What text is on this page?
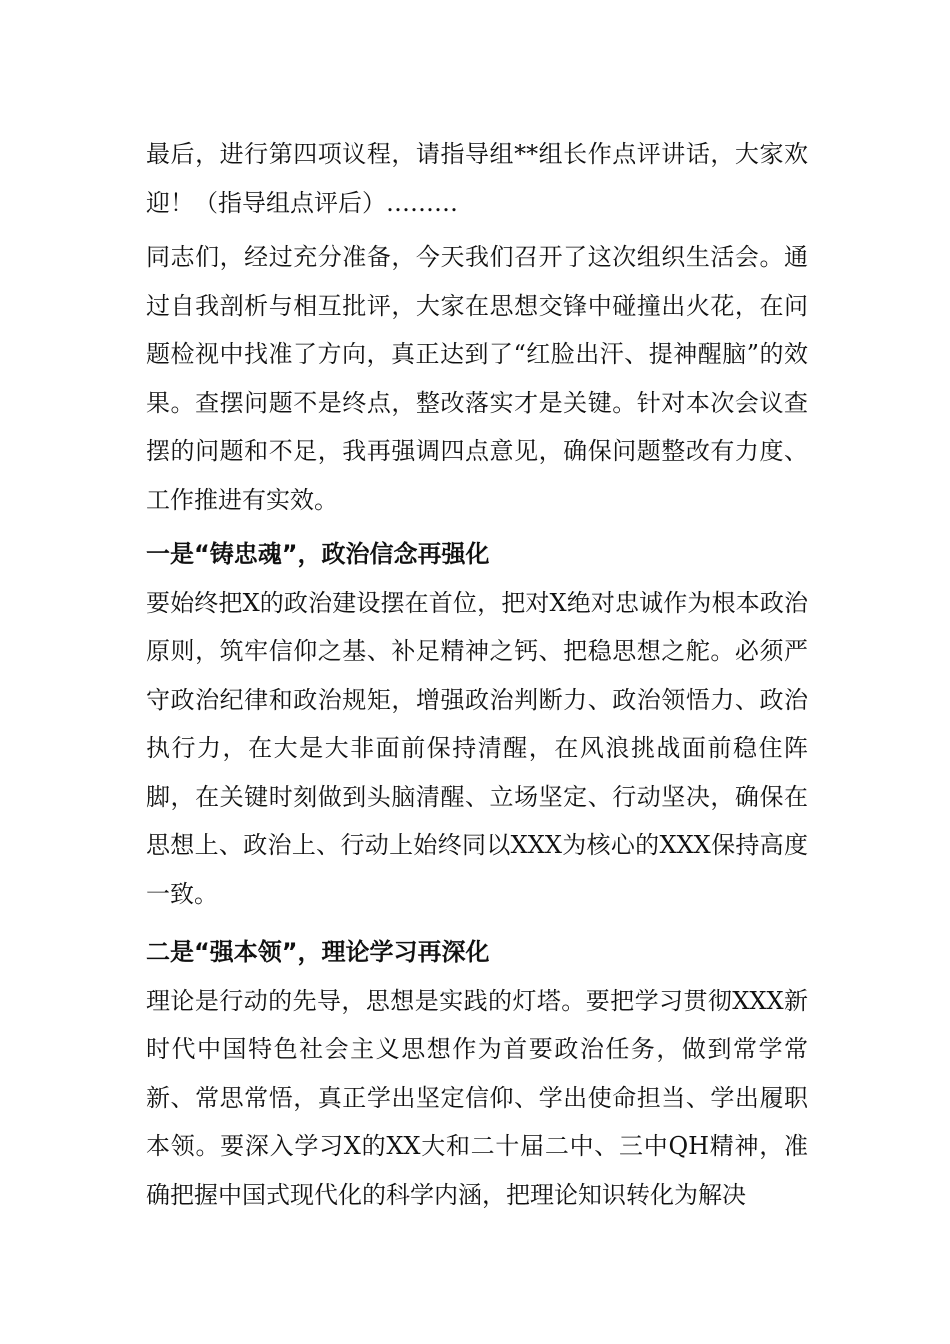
最后，进行第四项议程，请指导组**组长作点评讲话，大家欢迎！（指导组点评后）………

同志们，经过充分准备，今天我们召开了这次组织生活会。通过自我剖析与相互批评，大家在思想交锋中碰撞出火花，在问题检视中找准了方向，真正达到了“红脸出汗、提神醒脑”的效果。查摆问题不是终点，整改落实才是关键。针对本次会议查摆的问题和不足，我再强调四点意见，确保问题整改有力度、工作推进有实效。

一是“铸忠魂”，政治信念再强化

要始终把X的政治建设摆在首位，把对X绝对忠诚作为根本政治原则，筑牢信仰之基、补足精神之钙、把稳思想之舵。必须严守政治纪律和政治规矩，增强政治判断力、政治领悟力、政治执行力，在大是大非面前保持清醒，在风浪挑战面前稳住阵脚，在关键时刻做到头脑清醒、立场坚定、行动坚决，确保在思想上、政治上、行动上始终同以XXX为核心的XXX保持高度一致。

二是“强本领”，理论学习再深化

理论是行动的先导，思想是实践的灯塔。要把学习贯彻XXX新时代中国特色社会主义思想作为首要政治任务，做到常学常新、常思常悟，真正学出坚定信仰、学出使命担当、学出履职本领。要深入学习X的XX大和二十届二中、三中QH精神，准确把握中国式现代化的科学内涵，把理论知识转化为解决
